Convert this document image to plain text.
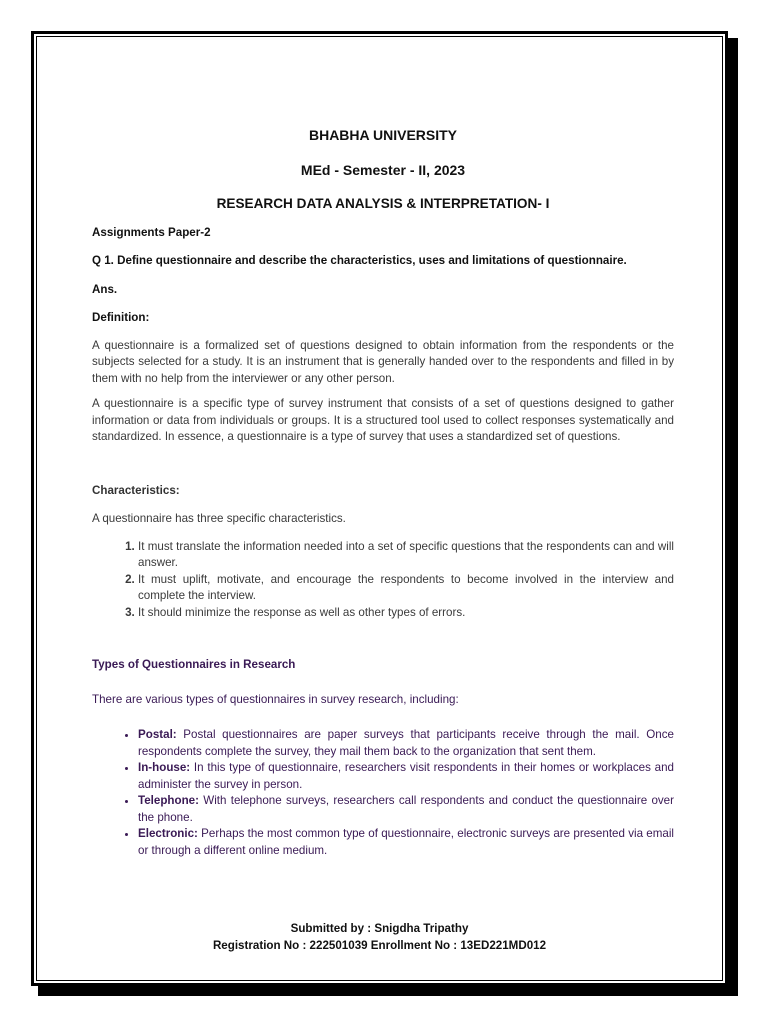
BHABHA UNIVERSITY

MEd - Semester - II, 2023

RESEARCH DATA ANALYSIS & INTERPRETATION- I

Assignments Paper-2

Q 1. Define questionnaire and describe the characteristics, uses and limitations of questionnaire.

Ans.

Definition:

A questionnaire is a formalized set of questions designed to obtain information from the respondents or the subjects selected for a study. It is an instrument that is generally handed over to the respondents and filled in by them with no help from the interviewer or any other person.

A questionnaire is a specific type of survey instrument that consists of a set of questions designed to gather information or data from individuals or groups. It is a structured tool used to collect responses systematically and standardized. In essence, a questionnaire is a type of survey that uses a standardized set of questions.

Characteristics:

A questionnaire has three specific characteristics.

1. It must translate the information needed into a set of specific questions that the respondents can and will answer.
2. It must uplift, motivate, and encourage the respondents to become involved in the interview and complete the interview.
3. It should minimize the response as well as other types of errors.

Types of Questionnaires in Research

There are various types of questionnaires in survey research, including:

• Postal: Postal questionnaires are paper surveys that participants receive through the mail. Once respondents complete the survey, they mail them back to the organization that sent them.
• In-house: In this type of questionnaire, researchers visit respondents in their homes or workplaces and administer the survey in person.
• Telephone: With telephone surveys, researchers call respondents and conduct the questionnaire over the phone.
• Electronic: Perhaps the most common type of questionnaire, electronic surveys are presented via email or through a different online medium.
Submitted by : Snigdha Tripathy
Registration No : 222501039 Enrollment No : 13ED221MD012
